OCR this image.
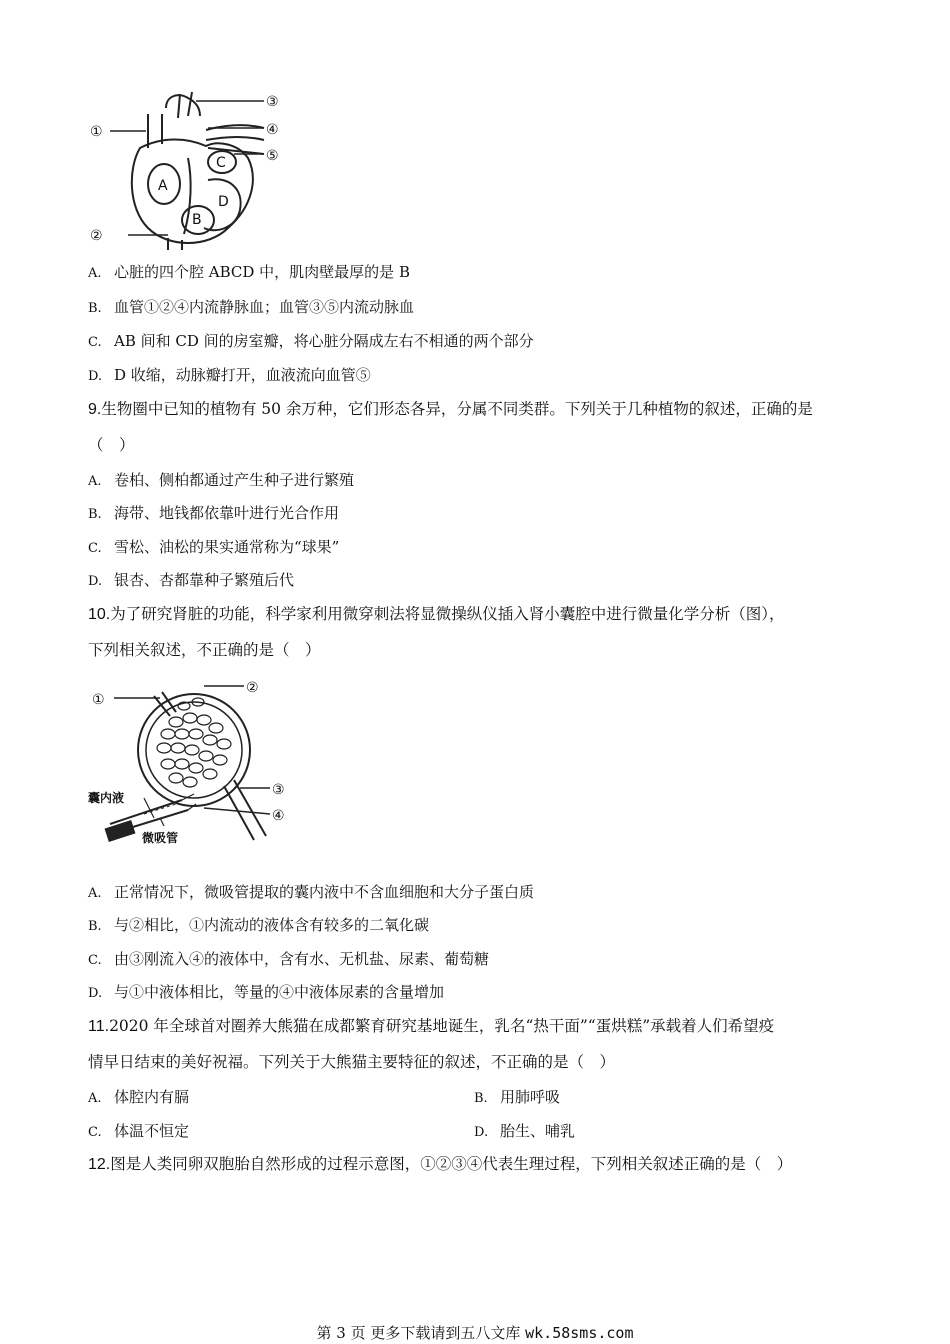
①
②
③
④
⑤
A
B
C
D
A. 心脏的四个腔 ABCD 中，肌肉壁最厚的是 B
B. 血管①②④内流静脉血；血管③⑤内流动脉血
C. AB 间和 CD 间的房室瓣，将心脏分隔成左右不相通的两个部分
D. D 收缩，动脉瓣打开，血液流向血管⑤
9.生物圈中已知的植物有 50 余万种，它们形态各异，分属不同类群。下列关于几种植物的叙述，正确的是
（　）
A. 卷柏、侧柏都通过产生种子进行繁殖
B. 海带、地钱都依靠叶进行光合作用
C. 雪松、油松的果实通常称为“球果”
D. 银杏、杏都靠种子繁殖后代
10.为了研究肾脏的功能，科学家利用微穿刺法将显微操纵仪插入肾小囊腔中进行微量化学分析（图），
下列相关叙述，不正确的是（　）
①
②
③
④
囊内液
微吸管
A. 正常情况下，微吸管提取的囊内液中不含血细胞和大分子蛋白质
B. 与②相比，①内流动的液体含有较多的二氧化碳
C. 由③刚流入④的液体中，含有水、无机盐、尿素、葡萄糖
D. 与①中液体相比，等量的④中液体尿素的含量增加
11.2020 年全球首对圈养大熊猫在成都繁育研究基地诞生，乳名“热干面”“蛋烘糕”承载着人们希望疫
情早日结束的美好祝福。下列关于大熊猫主要特征的叙述，不正确的是（　）
A. 体腔内有膈	B. 用肺呼吸
C. 体温不恒定	D. 胎生、哺乳
12.图是人类同卵双胞胎自然形成的过程示意图，①②③④代表生理过程，下列相关叙述正确的是（　）
第 3 页 更多下载请到五八文库 wk.58sms.com
